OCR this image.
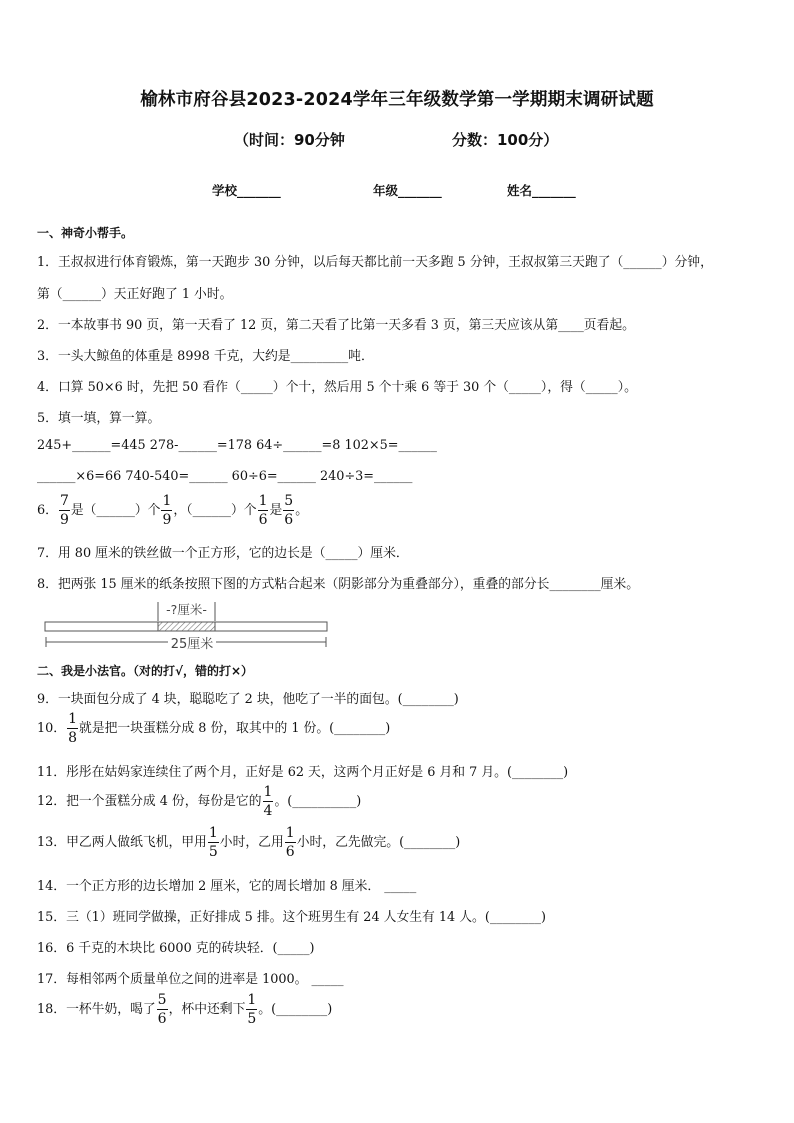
榆林市府谷县2023-2024学年三年级数学第一学期期末调研试题
（时间：90分钟	分数：100分）
学校_______	年级_______	姓名_______
一、神奇小帮手。
1．王叔叔进行体育锻炼，第一天跑步 30 分钟，以后每天都比前一天多跑 5 分钟，王叔叔第三天跑了（______）分钟，
第（______）天正好跑了 1 小时。
2．一本故事书 90 页，第一天看了 12 页，第二天看了比第一天多看 3 页，第三天应该从第____页看起。
3．一头大鲸鱼的体重是 8998 千克，大约是_________吨．
4．口算 50×6 时，先把 50 看作（_____）个十，然后用 5 个十乘 6 等于 30 个（_____），得（_____）。
5．填一填，算一算。
245+______=445 278-______=178 64÷______=8 102×5=______
______×6=66 740-540=______ 60÷6=______ 240÷3=______
6． $\frac{7}{9}$ 是（______）个 $\frac{1}{9}$ ，（______）个 $\frac{1}{6}$ 是 $\frac{5}{6}$ 。
7．用 80 厘米的铁丝做一个正方形，它的边长是（_____）厘米．
8．把两张 15 厘米的纸条按照下图的方式粘合起来（阴影部分为重叠部分），重叠的部分长________厘米。
-?厘米-
25厘米
二、我是小法官。（对的打√，错的打×）
9．一块面包分成了 4 块，聪聪吃了 2 块，他吃了一半的面包。(________)
10． $\frac{1}{8}$ 就是把一块蛋糕分成 8 份，取其中的 1 份。(________)
11．彤彤在姑妈家连续住了两个月，正好是 62 天，这两个月正好是 6 月和 7 月。(________)
12．把一个蛋糕分成 4 份，每份是它的 $\frac{1}{4}$ 。(__________)
13．甲乙两人做纸飞机，甲用 $\frac{1}{5}$ 小时，乙用 $\frac{1}{6}$ 小时，乙先做完。(________)
14．一个正方形的边长增加 2 厘米，它的周长增加 8 厘米． _____
15．三（1）班同学做操，正好排成 5 排。这个班男生有 24 人女生有 14 人。(________)
16．6 千克的木块比 6000 克的砖块轻．(_____)
17．每相邻两个质量单位之间的进率是 1000。 _____
18．一杯牛奶，喝了 $\frac{5}{6}$ ，杯中还剩下 $\frac{1}{5}$ 。(________)
